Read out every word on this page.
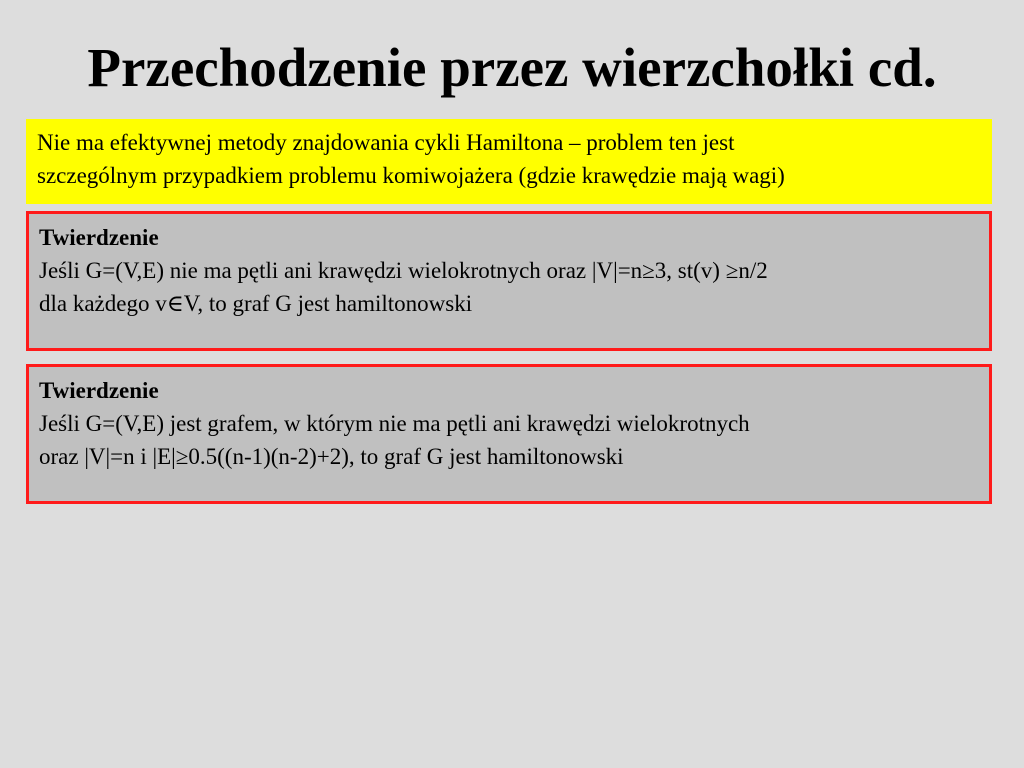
Przechodzenie przez wierzchołki cd.
Nie ma efektywnej metody znajdowania cykli Hamiltona – problem ten jest
szczególnym przypadkiem problemu komiwojażera (gdzie krawędzie mają wagi)
Twierdzenie
Jeśli G=(V,E) nie ma pętli ani krawędzi wielokrotnych oraz |V|=n≥3, st(v) ≥n/2
dla każdego v∈V, to graf G jest hamiltonowski
Twierdzenie
Jeśli G=(V,E) jest grafem, w którym nie ma pętli ani krawędzi wielokrotnych
oraz |V|=n i |E|≥0.5((n-1)(n-2)+2), to graf G jest hamiltonowski
